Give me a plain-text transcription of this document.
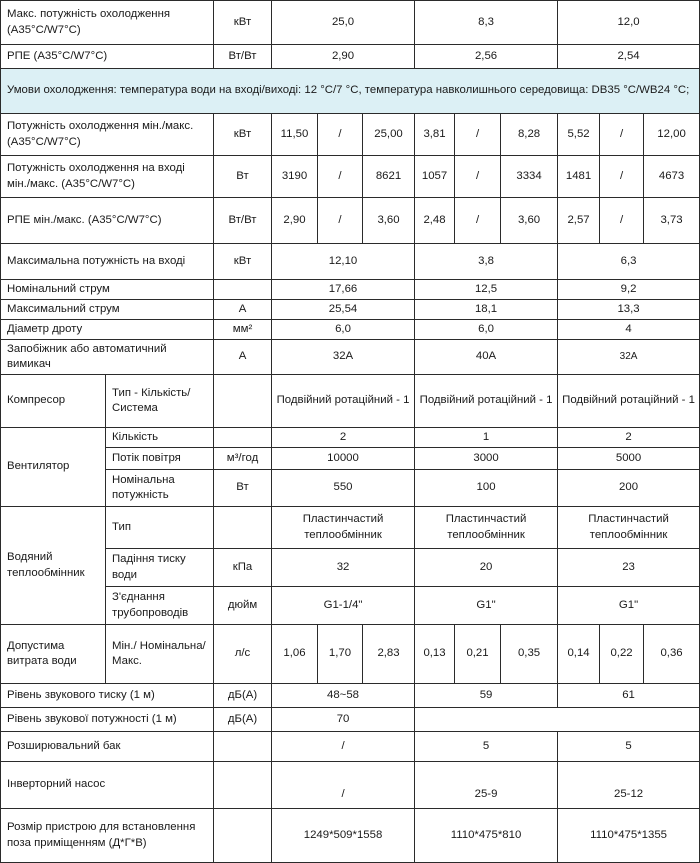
Макс. потужність охолодження (A35°C/W7°C)		кВт	25,0			8,3			12,0		
РПЕ (A35°C/W7°C)		Вт/Вт	2,90			2,56			2,54		
Умови охолодження: температура води на вході/виході: 12 °C/7 °C, температура навколишнього середовища: DB35 °C/WB24 °C;											
Потужність охолодження мін./макс. (A35°C/W7°C)		кВт	11,50	/	25,00	3,81	/	8,28	5,52	/	12,00
Потужність охолодження на вході мін./макс. (A35°C/W7°C)		Вт	3190	/	8621	1057	/	3334	1481	/	4673
РПЕ мін./макс. (A35°C/W7°C)		Вт/Вт	2,90	/	3,60	2,48	/	3,60	2,57	/	3,73
Максимальна потужність на вході		кВт	12,10			3,8			6,3		
Номінальний струм			17,66			12,5			9,2		
Максимальний струм		A	25,54			18,1			13,3		
Діаметр дроту		мм²	6,0			6,0			4		
Запобіжник або автоматичний вимикач		A	32A			40A			32A		
Компресор	Тип - Кількість/ Система		Подвійний ротаційний - 1			Подвійний ротаційний - 1			Подвійний ротаційний - 1		
Вентилятор	Кількість		2			1			2		
	Потік повітря	м³/год	10000			3000			5000		
	Номінальна потужність	Вт	550			100			200		
Водяний теплообмінник	Тип		Пластинчастий теплообмінник			Пластинчастий теплообмінник			Пластинчастий теплообмінник		
	Падіння тиску води	кПа	32			20			23		
	З'єднання трубопроводів	дюйм	G1-1/4"			G1"			G1"		
Допустима витрата води	Мін./ Номінальна/ Макс.	л/с	1,06	1,70	2,83	0,13	0,21	0,35	0,14	0,22	0,36
Рівень звукового тиску (1 м)		дБ(A)	48~58			59			61		
Рівень звукової потужності (1 м)		дБ(A)	70								
Розширювальний бак			/			5			5		
Інверторний насос			/			25-9			25-12		
Розмір пристрою для встановлення поза приміщенням (Д*Г*В)			1249*509*1558			1110*475*810			1110*475*1355		
